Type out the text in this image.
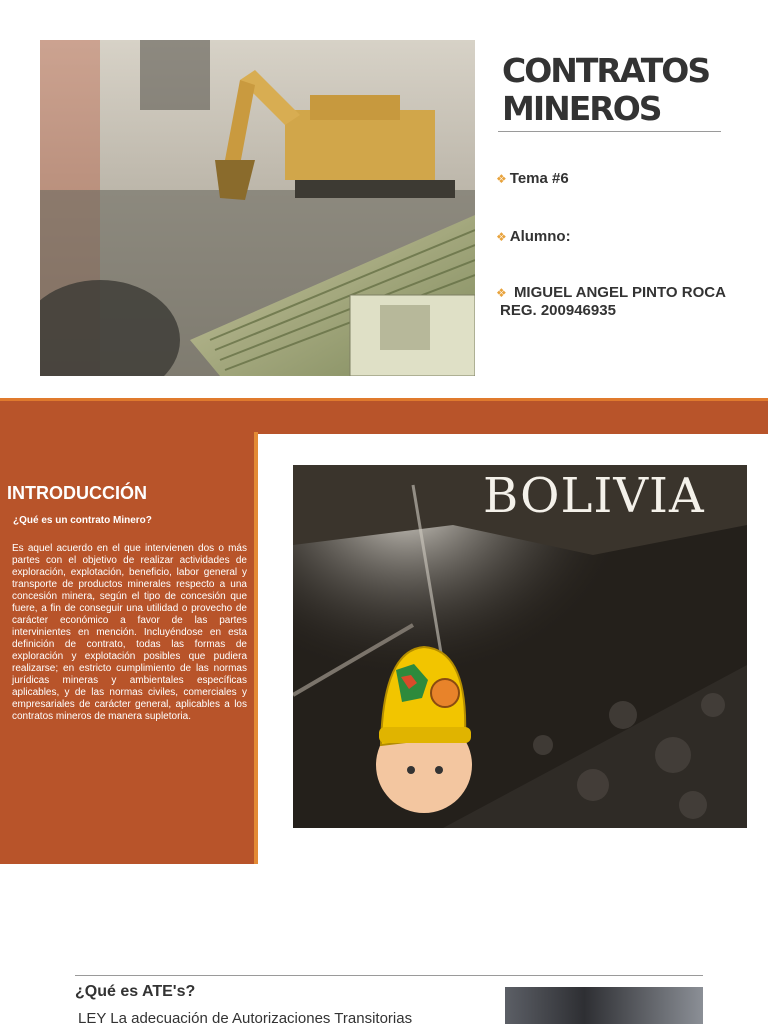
CONTRATOS
MINEROS
❖ Tema #6
❖ Alumno:
❖ MIGUEL ANGEL PINTO ROCA
REG. 200946935
INTRODUCCIÓN
¿Qué es un contrato Minero?

Es aquel acuerdo en el que intervienen dos o más partes con el objetivo de realizar actividades de exploración, explotación, beneficio, labor general y transporte de productos minerales respecto a una concesión minera, según el tipo de concesión que fuere, a fin de conseguir una utilidad o provecho de carácter económico a favor de las partes intervinientes en mención. Incluyéndose en esta definición de contrato, todas las formas de exploración y explotación posibles que pudiera realizarse; en estricto cumplimiento de las normas jurídicas mineras y ambientales específicas aplicables, y de las normas civiles, comerciales y empresariales de carácter general, aplicables a los contratos mineros de manera supletoria.

BOLIVIA
¿Qué es ATE's?
LEY La adecuación de Autorizaciones Transitorias
